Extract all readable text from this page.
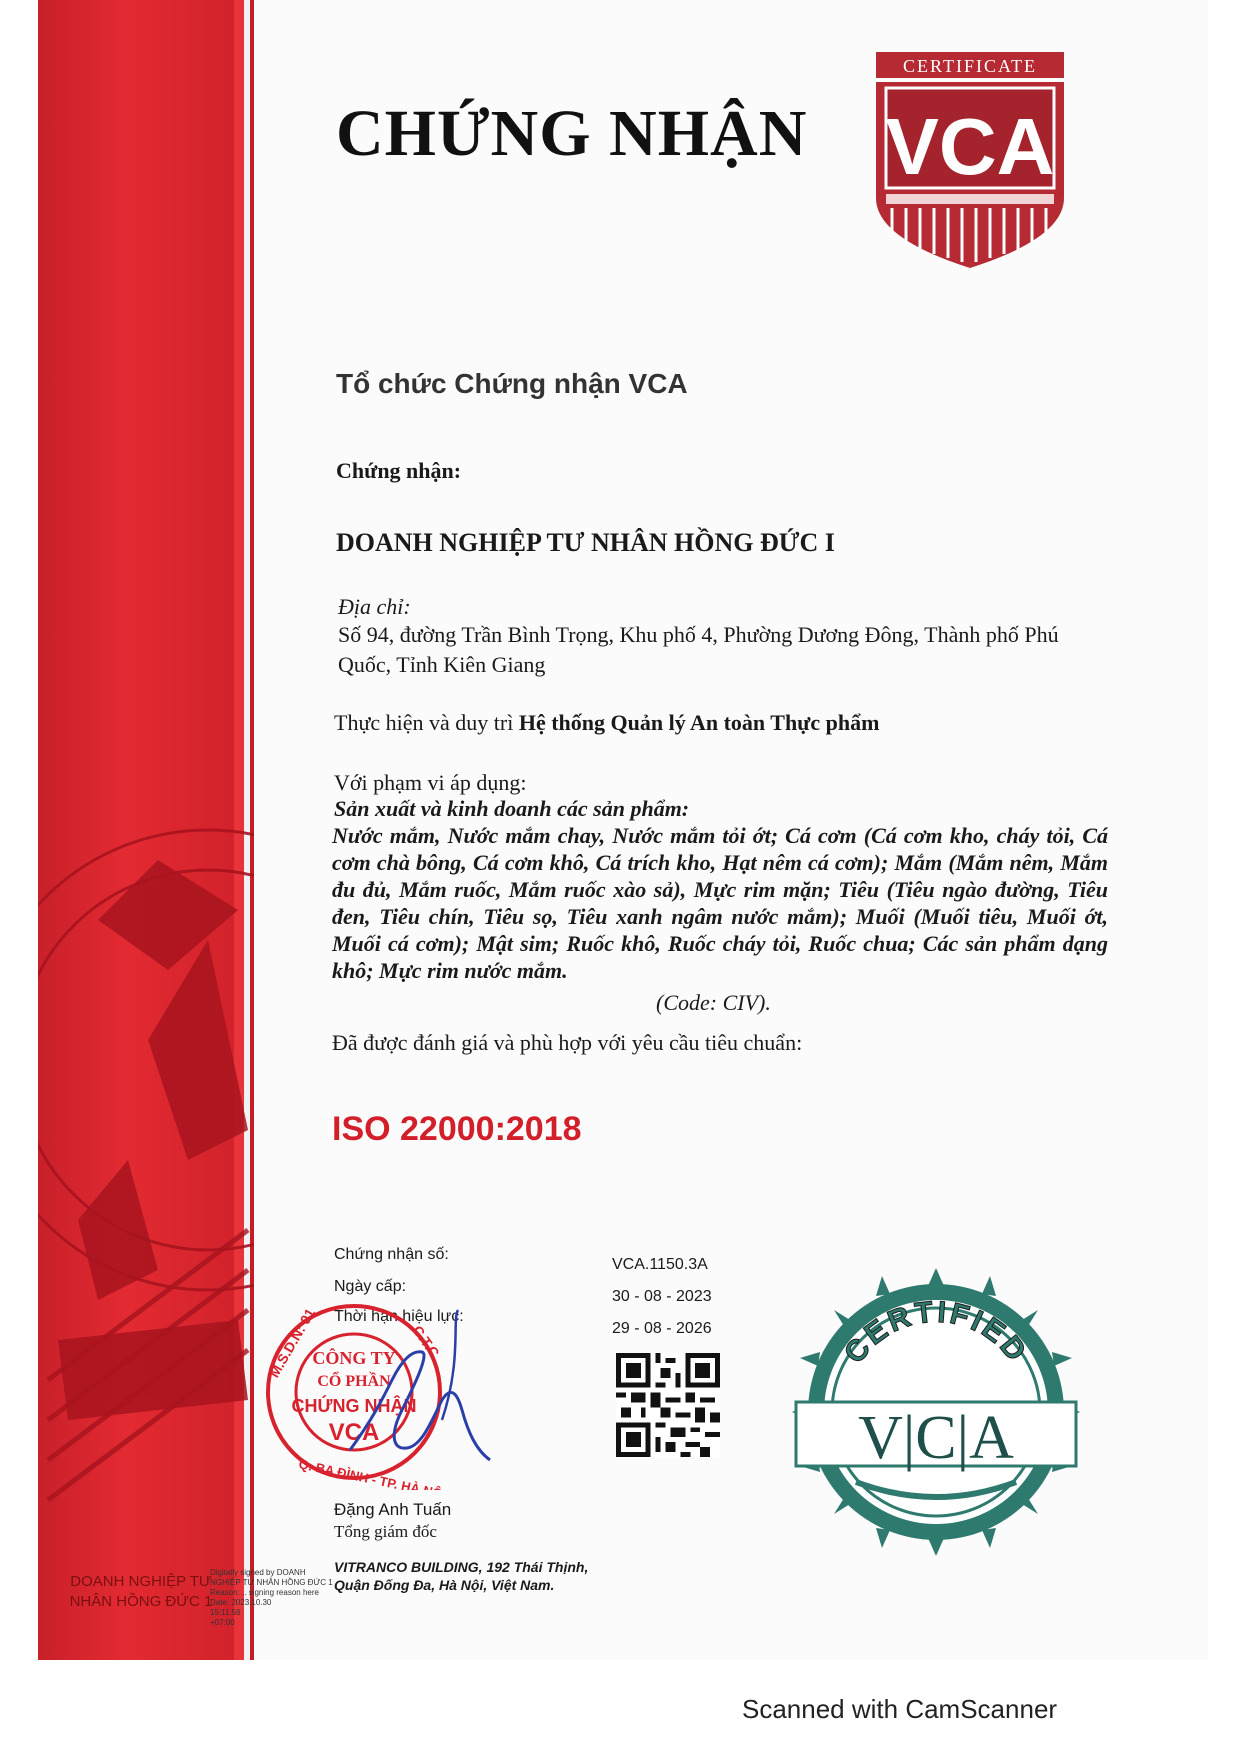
CERTIFICATE
VCA
CHỨNG NHẬN
Tổ chức Chứng nhận VCA
Chứng nhận:
DOANH NGHIỆP TƯ NHÂN HỒNG ĐỨC I
Địa chỉ:
Số 94, đường Trần Bình Trọng, Khu phố 4, Phường Dương Đông, Thành phố Phú Quốc, Tỉnh Kiên Giang
Thực hiện và duy trì Hệ thống Quản lý An toàn Thực phẩm
Với phạm vi áp dụng:
Sản xuất và kinh doanh các sản phẩm:
Nước mắm, Nước mắm chay, Nước mắm tỏi ớt; Cá cơm (Cá cơm kho, cháy tỏi, Cá cơm chà bông, Cá cơm khô, Cá trích kho, Hạt nêm cá cơm); Mắm (Mắm nêm, Mắm đu đủ, Mắm ruốc, Mắm ruốc xào sả), Mực rim mặn; Tiêu (Tiêu ngào đường, Tiêu đen, Tiêu chín, Tiêu sọ, Tiêu xanh ngâm nước mắm); Muối (Muối tiêu, Muối ớt, Muối cá cơm); Mật sim; Ruốc khô, Ruốc cháy tỏi, Ruốc chua; Các sản phẩm dạng khô; Mực rim nước mắm.
(Code: CIV).
Đã được đánh giá và phù hợp với yêu cầu tiêu chuẩn:
ISO 22000:2018
Chứng nhận số:
VCA.1150.3A
Ngày cấp:
30 - 08 - 2023
Thời hạn hiệu lực:
29 - 08 - 2026
M.S.D.N: 01	C.T.C
Q. BA ĐÌNH - TP. HÀ NỘI
CÔNG TY
CỔ PHẦN
CHỨNG NHẬN
VCA
Đặng Anh Tuấn
Tổng giám đốc
VITRANCO BUILDING, 192 Thái Thịnh,
Quận Đống Đa, Hà Nội, Việt Nam.
CERTIFIED
V|C|A
DOANH NGHIỆP TƯ NHÂN HỒNG ĐỨC 1
Digitally signed by DOANH
NGHIỆP TƯ NHÂN HỒNG ĐỨC 1
Reason: .. signing reason here
Date: 2023.10.30
15:11:56
+07:00
Scanned with CamScanner
